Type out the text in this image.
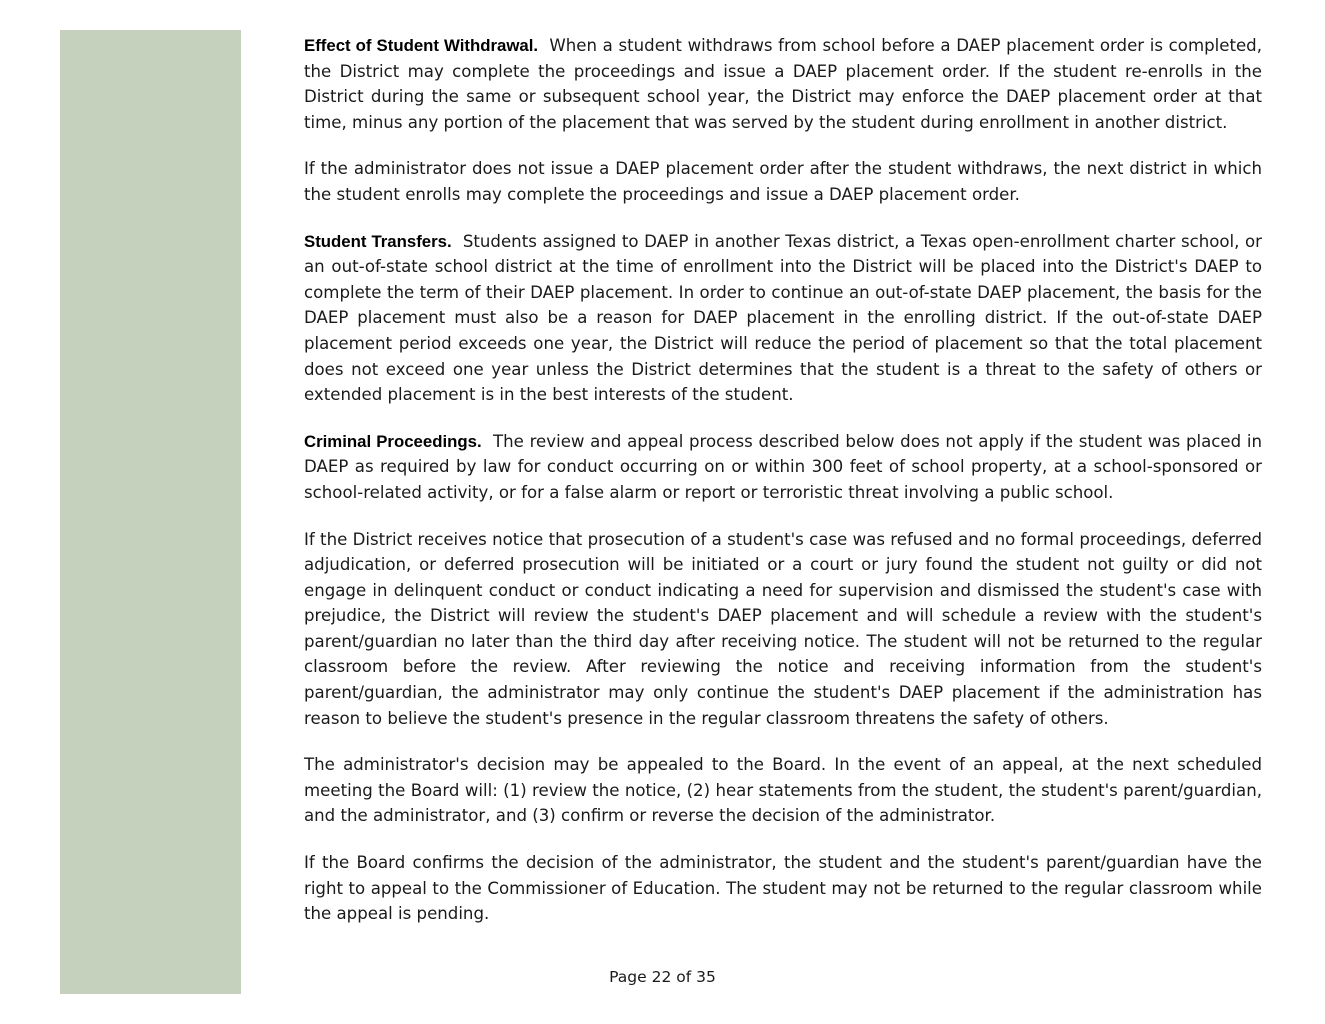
Effect of Student Withdrawal. When a student withdraws from school before a DAEP placement order is completed, the District may complete the proceedings and issue a DAEP placement order. If the student re-enrolls in the District during the same or subsequent school year, the District may enforce the DAEP placement order at that time, minus any portion of the placement that was served by the student during enrollment in another district.

If the administrator does not issue a DAEP placement order after the student withdraws, the next district in which the student enrolls may complete the proceedings and issue a DAEP placement order.

Student Transfers. Students assigned to DAEP in another Texas district, a Texas open-enrollment charter school, or an out-of-state school district at the time of enrollment into the District will be placed into the District's DAEP to complete the term of their DAEP placement. In order to continue an out-of-state DAEP placement, the basis for the DAEP placement must also be a reason for DAEP placement in the enrolling district. If the out-of-state DAEP placement period exceeds one year, the District will reduce the period of placement so that the total placement does not exceed one year unless the District determines that the student is a threat to the safety of others or extended placement is in the best interests of the student.

Criminal Proceedings. The review and appeal process described below does not apply if the student was placed in DAEP as required by law for conduct occurring on or within 300 feet of school property, at a school-sponsored or school-related activity, or for a false alarm or report or terroristic threat involving a public school.

If the District receives notice that prosecution of a student's case was refused and no formal proceedings, deferred adjudication, or deferred prosecution will be initiated or a court or jury found the student not guilty or did not engage in delinquent conduct or conduct indicating a need for supervision and dismissed the student's case with prejudice, the District will review the student's DAEP placement and will schedule a review with the student's parent/guardian no later than the third day after receiving notice. The student will not be returned to the regular classroom before the review. After reviewing the notice and receiving information from the student's parent/guardian, the administrator may only continue the student's DAEP placement if the administration has reason to believe the student's presence in the regular classroom threatens the safety of others.

The administrator's decision may be appealed to the Board. In the event of an appeal, at the next scheduled meeting the Board will: (1) review the notice, (2) hear statements from the student, the student's parent/guardian, and the administrator, and (3) confirm or reverse the decision of the administrator.

If the Board confirms the decision of the administrator, the student and the student's parent/guardian have the right to appeal to the Commissioner of Education. The student may not be returned to the regular classroom while the appeal is pending.

Page 22 of 35
